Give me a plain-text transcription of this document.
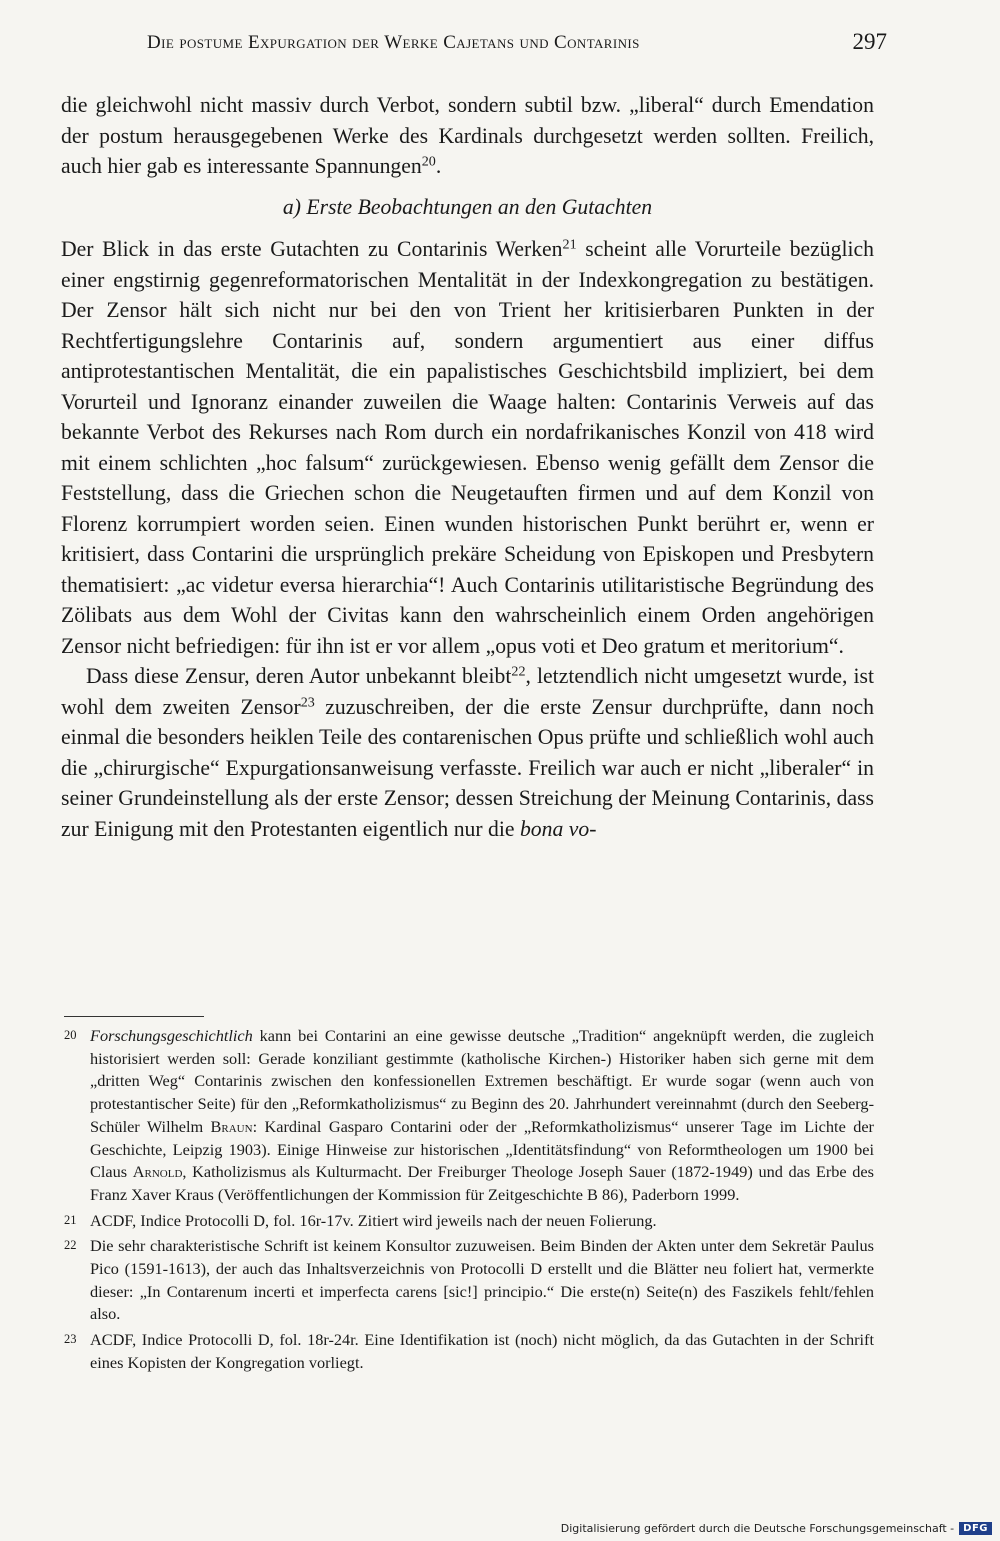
Die postume Expurgation der Werke Cajetans und Contarinis	297

die gleichwohl nicht massiv durch Verbot, sondern subtil bzw. „liberal“ durch Emendation der postum herausgegebenen Werke des Kardinals durchgesetzt werden sollten. Freilich, auch hier gab es interessante Spannungen$^{20}$.

a) Erste Beobachtungen an den Gutachten

Der Blick in das erste Gutachten zu Contarinis Werken$^{21}$ scheint alle Vorurteile bezüglich einer engstirnig gegenreformatorischen Mentalität in der Indexkongregation zu bestätigen. Der Zensor hält sich nicht nur bei den von Trient her kritisierbaren Punkten in der Rechtfertigungslehre Contarinis auf, sondern argumentiert aus einer diffus antiprotestantischen Mentalität, die ein papalistisches Geschichtsbild impliziert, bei dem Vorurteil und Ignoranz einander zuweilen die Waage halten: Contarinis Verweis auf das bekannte Verbot des Rekurses nach Rom durch ein nordafrikanisches Konzil von 418 wird mit einem schlichten „hoc falsum“ zurückgewiesen. Ebenso wenig gefällt dem Zensor die Feststellung, dass die Griechen schon die Neugetauften firmen und auf dem Konzil von Florenz korrumpiert worden seien. Einen wunden historischen Punkt berührt er, wenn er kritisiert, dass Contarini die ursprünglich prekäre Scheidung von Episkopen und Presbytern thematisiert: „ac videtur eversa hierarchia“! Auch Contarinis utilitaristische Begründung des Zölibats aus dem Wohl der Civitas kann den wahrscheinlich einem Orden angehörigen Zensor nicht befriedigen: für ihn ist er vor allem „opus voti et Deo gratum et meritorium“.

Dass diese Zensur, deren Autor unbekannt bleibt$^{22}$, letztendlich nicht umgesetzt wurde, ist wohl dem zweiten Zensor$^{23}$ zuzuschreiben, der die erste Zensur durchprüfte, dann noch einmal die besonders heiklen Teile des contarenischen Opus prüfte und schließlich wohl auch die „chirurgische“ Expurgationsanweisung verfasste. Freilich war auch er nicht „liberaler“ in seiner Grundeinstellung als der erste Zensor; dessen Streichung der Meinung Contarinis, dass zur Einigung mit den Protestanten eigentlich nur die bona vo-

20 Forschungsgeschichtlich kann bei Contarini an eine gewisse deutsche „Tradition“ angeknüpft werden, die zugleich historisiert werden soll: Gerade konziliant gestimmte (katholische Kirchen-) Historiker haben sich gerne mit dem „dritten Weg“ Contarinis zwischen den konfessionellen Extremen beschäftigt. Er wurde sogar (wenn auch von protestantischer Seite) für den „Reformkatholizismus“ zu Beginn des 20. Jahrhundert vereinnahmt (durch den Seeberg-Schüler Wilhelm Braun: Kardinal Gasparo Contarini oder der „Reformkatholizismus“ unserer Tage im Lichte der Geschichte, Leipzig 1903). Einige Hinweise zur historischen „Identitätsfindung“ von Reformtheologen um 1900 bei Claus Arnold, Katholizismus als Kulturmacht. Der Freiburger Theologe Joseph Sauer (1872-1949) und das Erbe des Franz Xaver Kraus (Veröffentlichungen der Kommission für Zeitgeschichte B 86), Paderborn 1999.
21 ACDF, Indice Protocolli D, fol. 16r-17v. Zitiert wird jeweils nach der neuen Folierung.
22 Die sehr charakteristische Schrift ist keinem Konsultor zuzuweisen. Beim Binden der Akten unter dem Sekretär Paulus Pico (1591-1613), der auch das Inhaltsverzeichnis von Protocolli D erstellt und die Blätter neu foliert hat, vermerkte dieser: „In Contarenum incerti et imperfecta carens [sic!] principio.“ Die erste(n) Seite(n) des Faszikels fehlt/fehlen also.
23 ACDF, Indice Protocolli D, fol. 18r-24r. Eine Identifikation ist (noch) nicht möglich, da das Gutachten in der Schrift eines Kopisten der Kongregation vorliegt.
Digitalisierung gefördert durch die Deutsche Forschungsgemeinschaft - DFG
